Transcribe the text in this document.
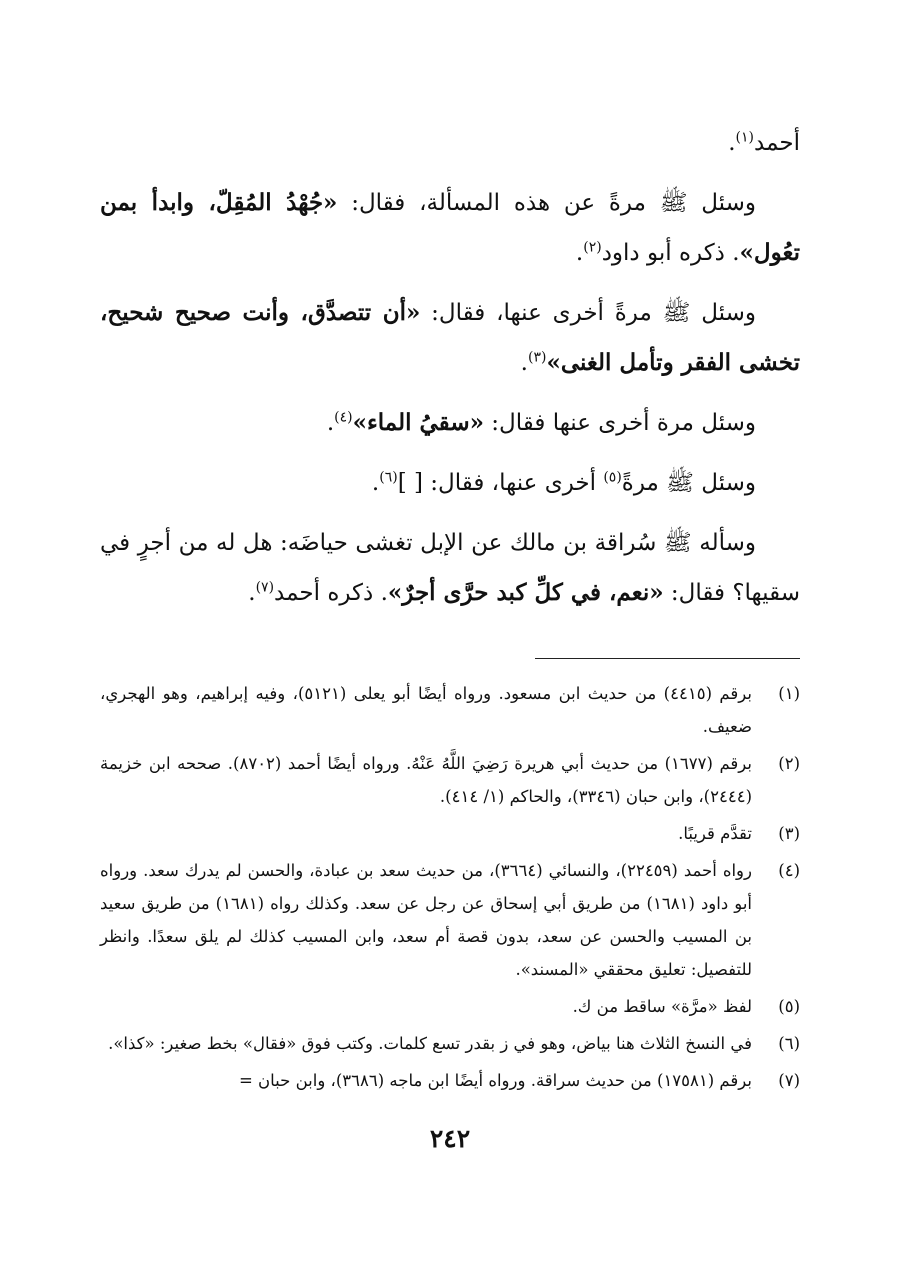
أحمد$^{(١)}$.

وسئل ﷺ مرةً عن هذه المسألة، فقال: «جُهْدُ المُقِلّ، وابدأ بمن تعُول». ذكره أبو داود$^{(٢)}$.

وسئل ﷺ مرةً أخرى عنها، فقال: «أن تتصدَّق، وأنت صحيح شحيح، تخشى الفقر وتأمل الغنى»$^{(٣)}$.

وسئل مرة أخرى عنها فقال: «سقيُ الماء»$^{(٤)}$.

وسئل ﷺ مرةً$^{(٥)}$ أخرى عنها، فقال: [ ]$^{(٦)}$.

وسأله ﷺ سُراقة بن مالك عن الإبل تغشى حياضَه: هل له من أجرٍ في سقيها؟ فقال: «نعم، في كلِّ كبد حرَّى أجرٌ». ذكره أحمد$^{(٧)}$.

(١)
برقم (٤٤١٥) من حديث ابن مسعود. ورواه أيضًا أبو يعلى (٥١٢١)، وفيه إبراهيم، وهو الهجري، ضعيف.
(٢)
برقم (١٦٧٧) من حديث أبي هريرة رَضِيَ اللَّهُ عَنْهُ. ورواه أيضًا أحمد (٨٧٠٢). صححه ابن خزيمة (٢٤٤٤)، وابن حبان (٣٣٤٦)، والحاكم (١/ ٤١٤).
(٣)
تقدَّم قريبًا.
(٤)
رواه أحمد (٢٢٤٥٩)، والنسائي (٣٦٦٤)، من حديث سعد بن عبادة، والحسن لم يدرك سعد. ورواه أبو داود (١٦٨١) من طريق أبي إسحاق عن رجل عن سعد. وكذلك رواه (١٦٨١) من طريق سعيد بن المسيب والحسن عن سعد، بدون قصة أم سعد، وابن المسيب كذلك لم يلق سعدًا. وانظر للتفصيل: تعليق محققي «المسند».
(٥)
لفظ «مرَّة» ساقط من ك.
(٦)
في النسخ الثلاث هنا بياض، وهو في ز بقدر تسع كلمات. وكتب فوق «فقال» بخط صغير: «كذا».
(٧)
برقم (١٧٥٨١) من حديث سراقة. ورواه أيضًا ابن ماجه (٣٦٨٦)، وابن حبان =
٢٤٢
